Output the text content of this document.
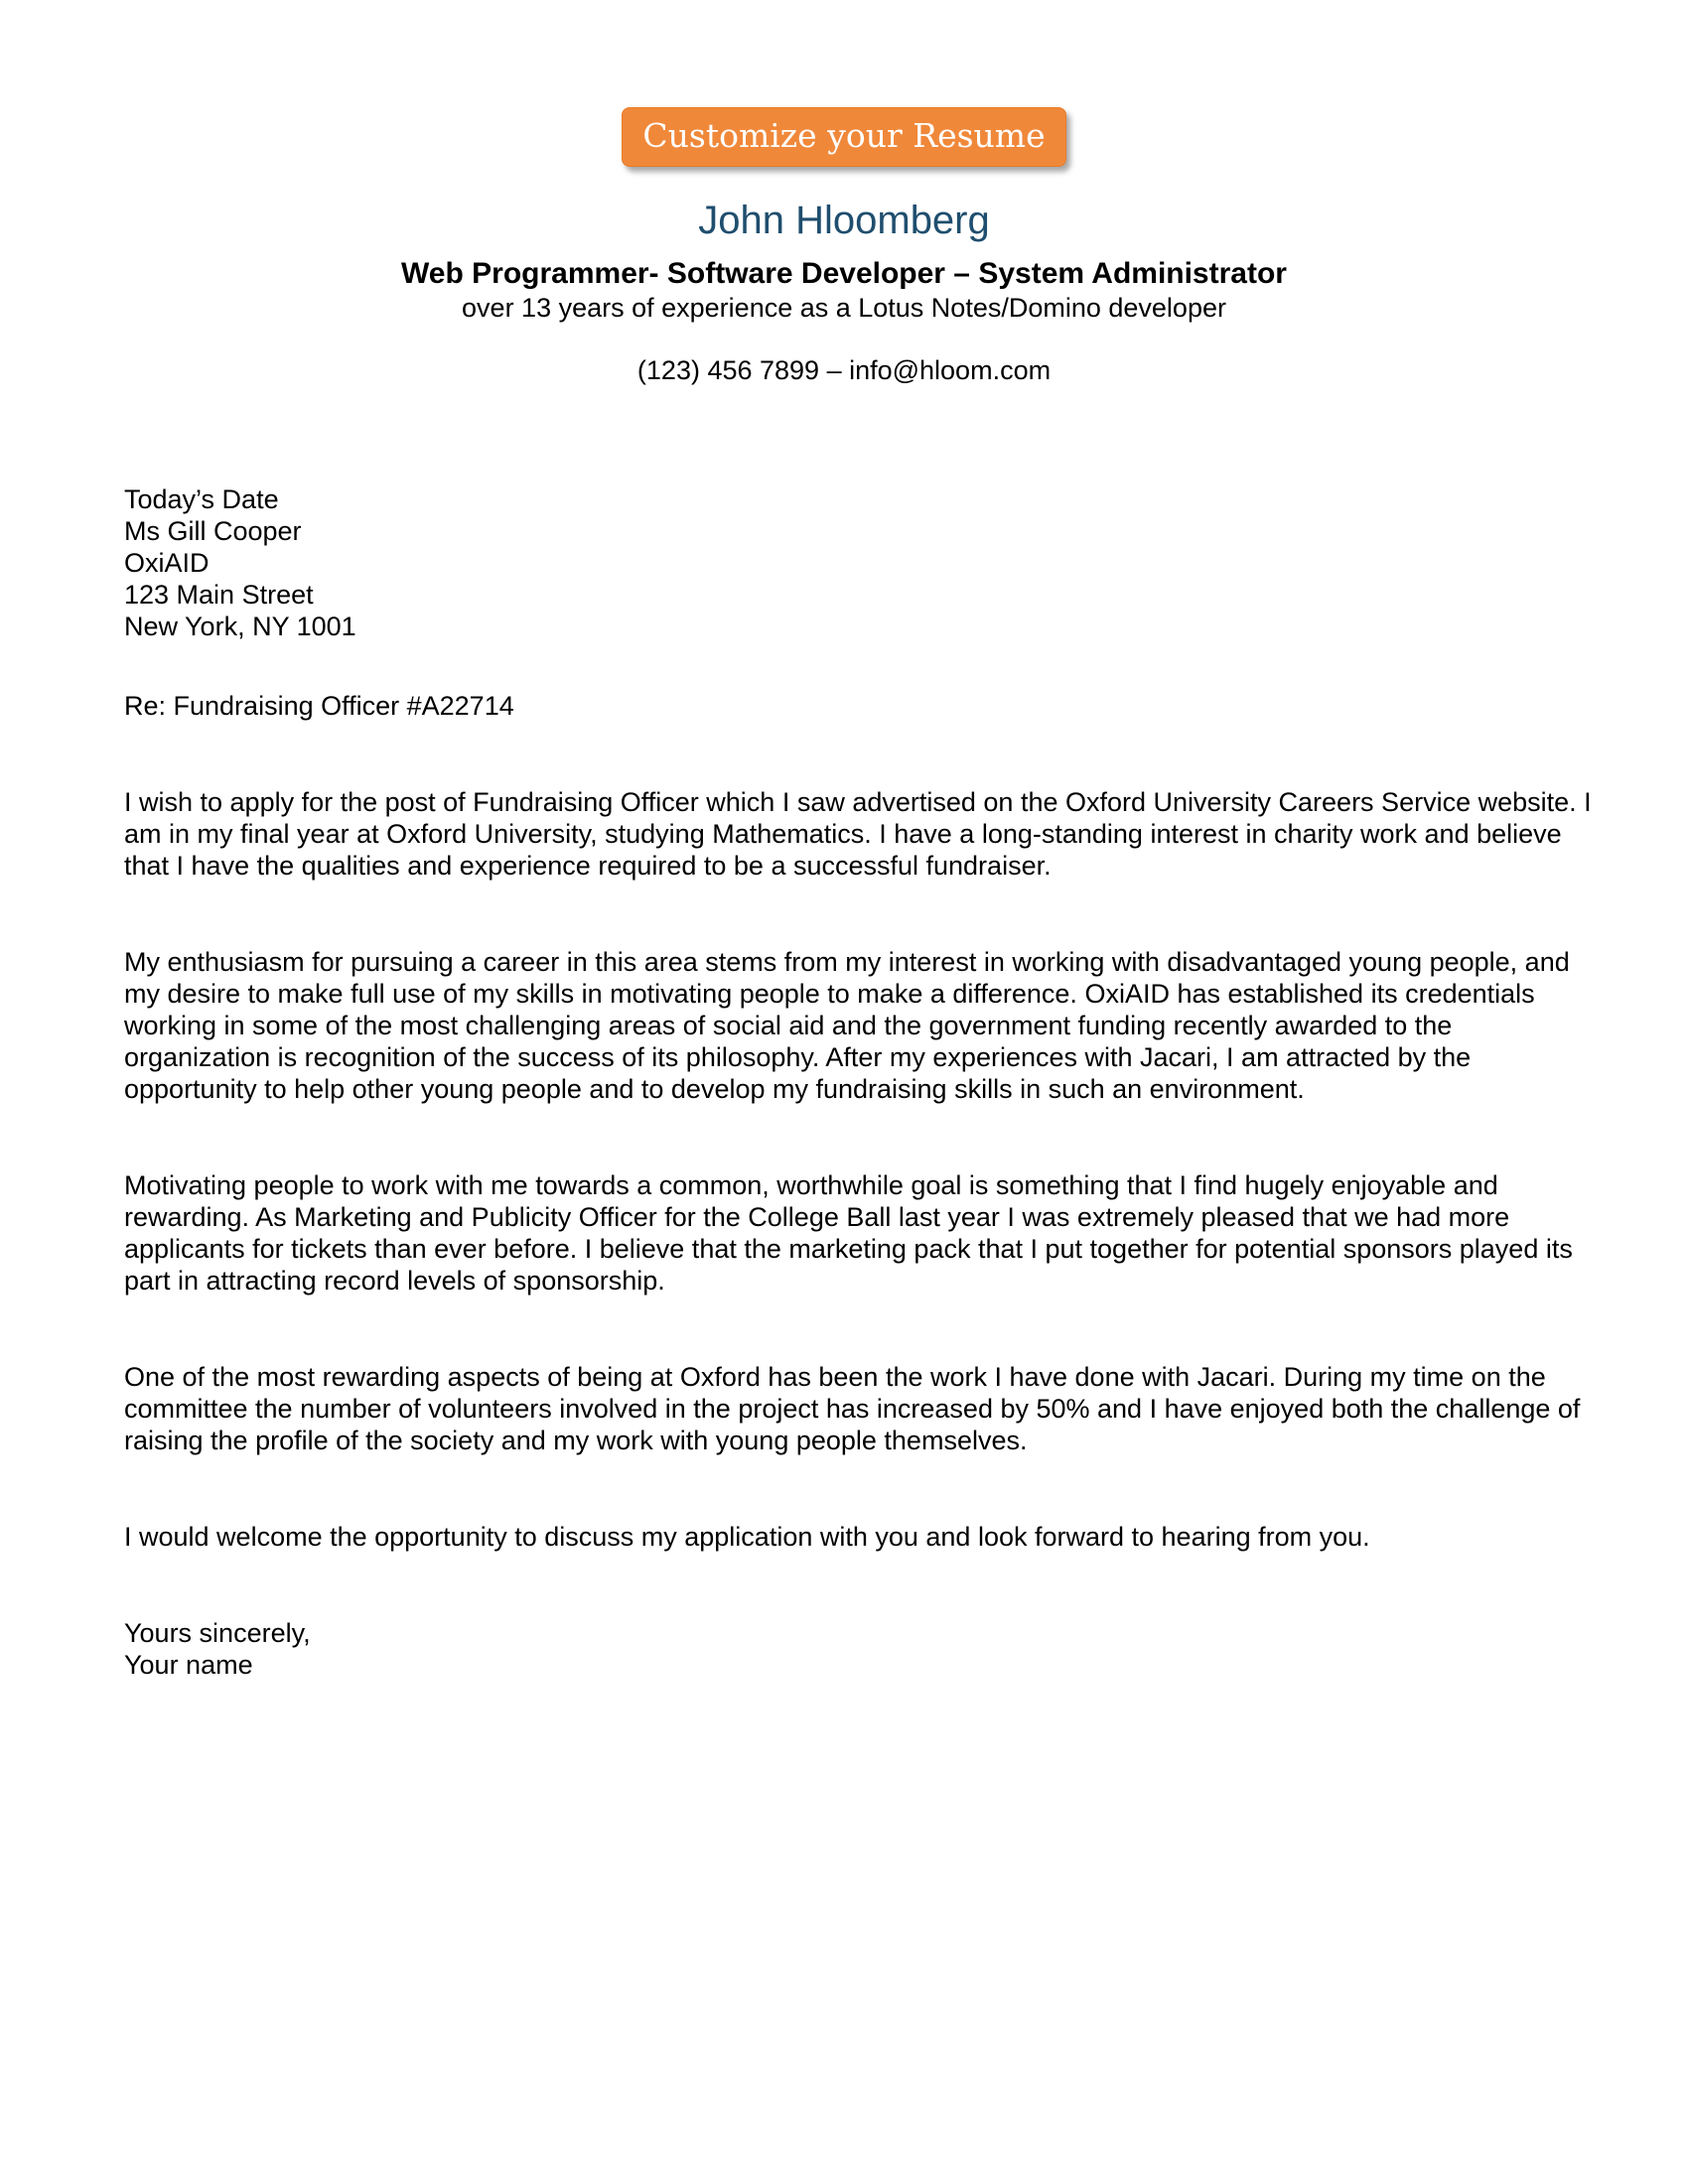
Customize your Resume
John Hloomberg
Web Programmer- Software Developer – System Administrator
over 13 years of experience as a Lotus Notes/Domino developer
(123) 456 7899 – info@hloom.com
Today’s Date
Ms Gill Cooper
OxiAID
123 Main Street
New York, NY 1001
Re: Fundraising Officer #A22714
I wish to apply for the post of Fundraising Officer which I saw advertised on the Oxford University Careers Service website. I am in my final year at Oxford University, studying Mathematics. I have a long-standing interest in charity work and believe that I have the qualities and experience required to be a successful fundraiser.
My enthusiasm for pursuing a career in this area stems from my interest in working with disadvantaged young people, and my desire to make full use of my skills in motivating people to make a difference. OxiAID has established its credentials working in some of the most challenging areas of social aid and the government funding recently awarded to the organization is recognition of the success of its philosophy. After my experiences with Jacari, I am attracted by the opportunity to help other young people and to develop my fundraising skills in such an environment.
Motivating people to work with me towards a common, worthwhile goal is something that I find hugely enjoyable and rewarding. As Marketing and Publicity Officer for the College Ball last year I was extremely pleased that we had more applicants for tickets than ever before. I believe that the marketing pack that I put together for potential sponsors played its part in attracting record levels of sponsorship.
One of the most rewarding aspects of being at Oxford has been the work I have done with Jacari. During my time on the committee the number of volunteers involved in the project has increased by 50% and I have enjoyed both the challenge of raising the profile of the society and my work with young people themselves.
I would welcome the opportunity to discuss my application with you and look forward to hearing from you.
Yours sincerely,
Your name
